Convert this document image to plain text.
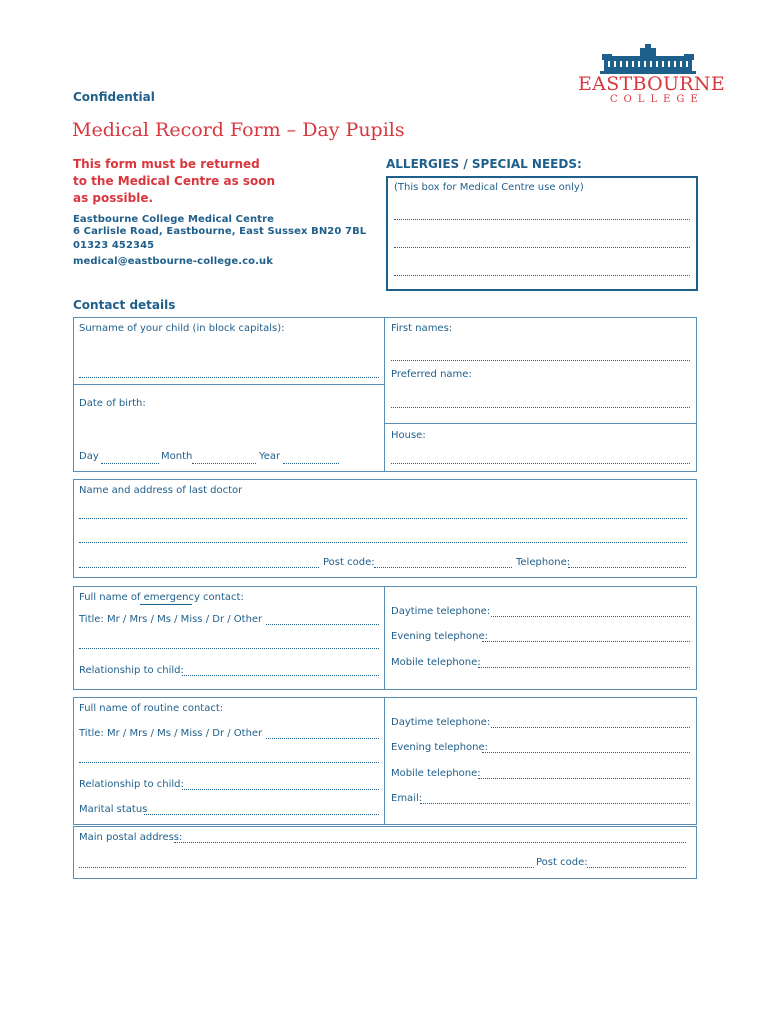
EASTBOURNE
COLLEGE
Confidential
Medical Record Form – Day Pupils
This form must be returned
to the Medical Centre as soon
as possible.
Eastbourne College Medical Centre
6 Carlisle Road, Eastbourne, East Sussex BN20 7BL
01323 452345
medical@eastbourne-college.co.uk
ALLERGIES / SPECIAL NEEDS:
(This box for Medical Centre use only)
Contact details
Surname of your child (in block capitals):	First names:
Preferred name:
Date of birth:
Day	Month	Year
House:
Name and address of last doctor
Post code:	Telephone:
Full name of emergency contact:
Title: Mr / Mrs / Ms / Miss / Dr / Other
Relationship to child:
Daytime telephone:
Evening telephone:
Mobile telephone:
Full name of routine contact:
Title: Mr / Mrs / Ms / Miss / Dr / Other
Relationship to child:
Marital status
Daytime telephone:
Evening telephone:
Mobile telephone:
Email:
Main postal address:
Post code:
